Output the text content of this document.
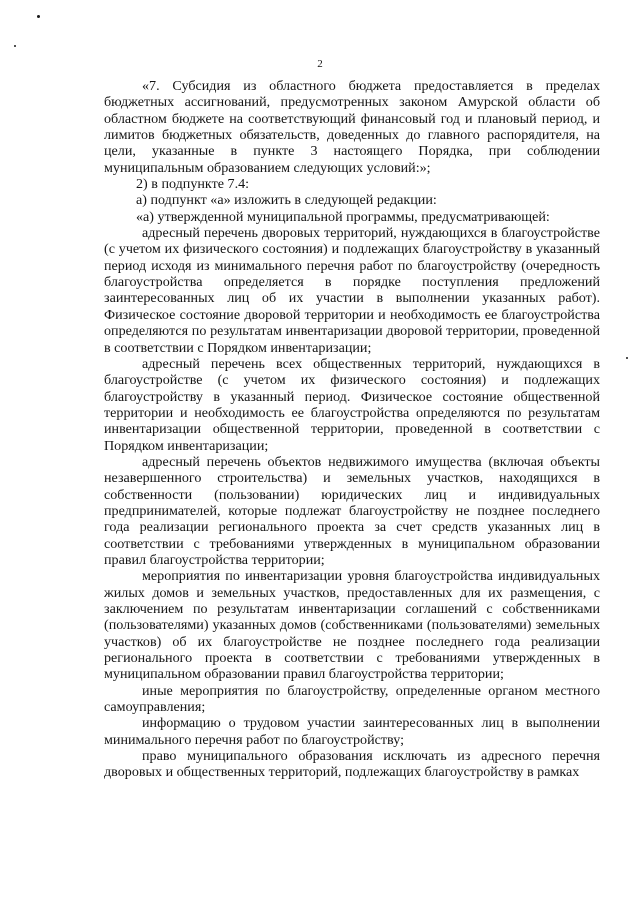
2

«7. Субсидия из областного бюджета предоставляется в пределах бюджетных ассигнований, предусмотренных законом Амурской области об областном бюджете на соответствующий финансовый год и плановый период, и лимитов бюджетных обязательств, доведенных до главного распорядителя, на цели, указанные в пункте 3 настоящего Порядка, при соблюдении муниципальным образованием следующих условий:»;

2) в подпункте 7.4:

а) подпункт «а» изложить в следующей редакции:

«а) утвержденной муниципальной программы, предусматривающей:

адресный перечень дворовых территорий, нуждающихся в благоустройстве (с учетом их физического состояния) и подлежащих благоустройству в указанный период исходя из минимального перечня работ по благоустройству (очередность благоустройства определяется в порядке поступления предложений заинтересованных лиц об их участии в выполнении указанных работ). Физическое состояние дворовой территории и необходимость ее благоустройства определяются по результатам инвентаризации дворовой территории, проведенной в соответствии с Порядком инвентаризации;

адресный перечень всех общественных территорий, нуждающихся в благоустройстве (с учетом их физического состояния) и подлежащих благоустройству в указанный период. Физическое состояние общественной территории и необходимость ее благоустройства определяются по результатам инвентаризации общественной территории, проведенной в соответствии с Порядком инвентаризации;

адресный перечень объектов недвижимого имущества (включая объекты незавершенного строительства) и земельных участков, находящихся в собственности (пользовании) юридических лиц и индивидуальных предпринимателей, которые подлежат благоустройству не позднее последнего года реализации регионального проекта за счет средств указанных лиц в соответствии с требованиями утвержденных в муниципальном образовании правил благоустройства территории;

мероприятия по инвентаризации уровня благоустройства индивидуальных жилых домов и земельных участков, предоставленных для их размещения, с заключением по результатам инвентаризации соглашений с собственниками (пользователями) указанных домов (собственниками (пользователями) земельных участков) об их благоустройстве не позднее последнего года реализации регионального проекта в соответствии с требованиями утвержденных в муниципальном образовании правил благоустройства территории;

иные мероприятия по благоустройству, определенные органом местного самоуправления;

информацию о трудовом участии заинтересованных лиц в выполнении минимального перечня работ по благоустройству;

право муниципального образования исключать из адресного перечня дворовых и общественных территорий, подлежащих благоустройству в рамках
